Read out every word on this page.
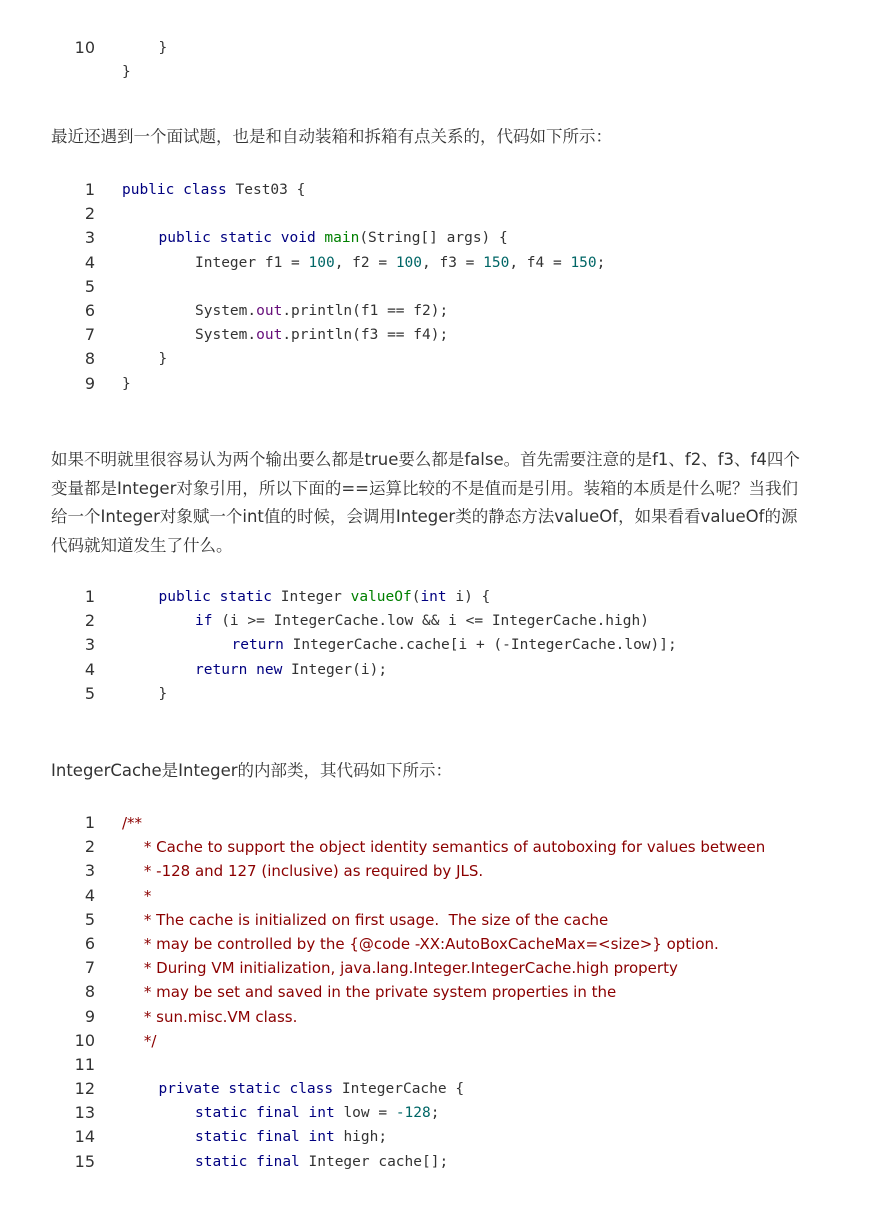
10	}
}

最近还遇到一个面试题，也是和自动装箱和拆箱有点关系的，代码如下所示：

1 public class Test03 {
2
3	public static void main(String[] args) {
4	Integer f1 = 100, f2 = 100, f3 = 150, f4 = 150;
5
6	System.out.println(f1 == f2);
7	System.out.println(f3 == f4);
8	}
9 }

如果不明就里很容易认为两个输出要么都是true要么都是false。首先需要注意的是f1、f2、f3、f4四个变量都是Integer对象引用，所以下面的==运算比较的不是值而是引用。装箱的本质是什么呢？当我们给一个Integer对象赋一个int值的时候，会调用Integer类的静态方法valueOf，如果看看valueOf的源代码就知道发生了什么。

1	public static Integer valueOf(int i) {
2	if (i >= IntegerCache.low && i <= IntegerCache.high)
3	return IntegerCache.cache[i + (-IntegerCache.low)];
4	return new Integer(i);
5	}

IntegerCache是Integer的内部类，其代码如下所示：

1 /**
2	* Cache to support the object identity semantics of autoboxing for values between
3	* -128 and 127 (inclusive) as required by JLS.
4	*
5	* The cache is initialized on first usage.  The size of the cache
6	* may be controlled by the {@code -XX:AutoBoxCacheMax=<size>} option.
7	* During VM initialization, java.lang.Integer.IntegerCache.high property
8	* may be set and saved in the private system properties in the
9	* sun.misc.VM class.
10	*/
11
12	private static class IntegerCache {
13	static final int low = -128;
14	static final int high;
15	static final Integer cache[];
